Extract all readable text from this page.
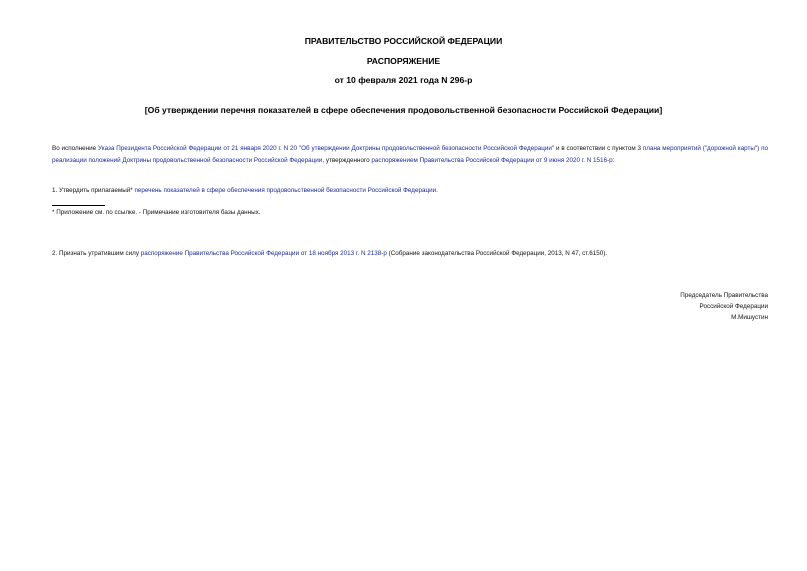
ПРАВИТЕЛЬСТВО РОССИЙСКОЙ ФЕДЕРАЦИИ
РАСПОРЯЖЕНИЕ
от 10 февраля 2021 года N 296-р
[Об утверждении перечня показателей в сфере обеспечения продовольственной безопасности Российской Федерации]
Во исполнение Указа Президента Российской Федерации от 21 января 2020 г. N 20 "Об утверждении Доктрины продовольственной безопасности Российской Федерации" и в соответствии с пунктом 3 плана мероприятий ("дорожной карты") по реализации положений Доктрины продовольственной безопасности Российской Федерации, утвержденного распоряжением Правительства Российской Федерации от 9 июня 2020 г. N 1516-р:
1. Утвердить прилагаемый* перечень показателей в сфере обеспечения продовольственной безопасности Российской Федерации.
* Приложение см. по ссылке. - Примечание изготовителя базы данных.
2. Признать утратившим силу распоряжение Правительства Российской Федерации от 18 ноября 2013 г. N 2138-р (Собрание законодательства Российской Федерации, 2013, N 47, ст.6150).
Председатель Правительства
Российской Федерации
М.Мишустин
